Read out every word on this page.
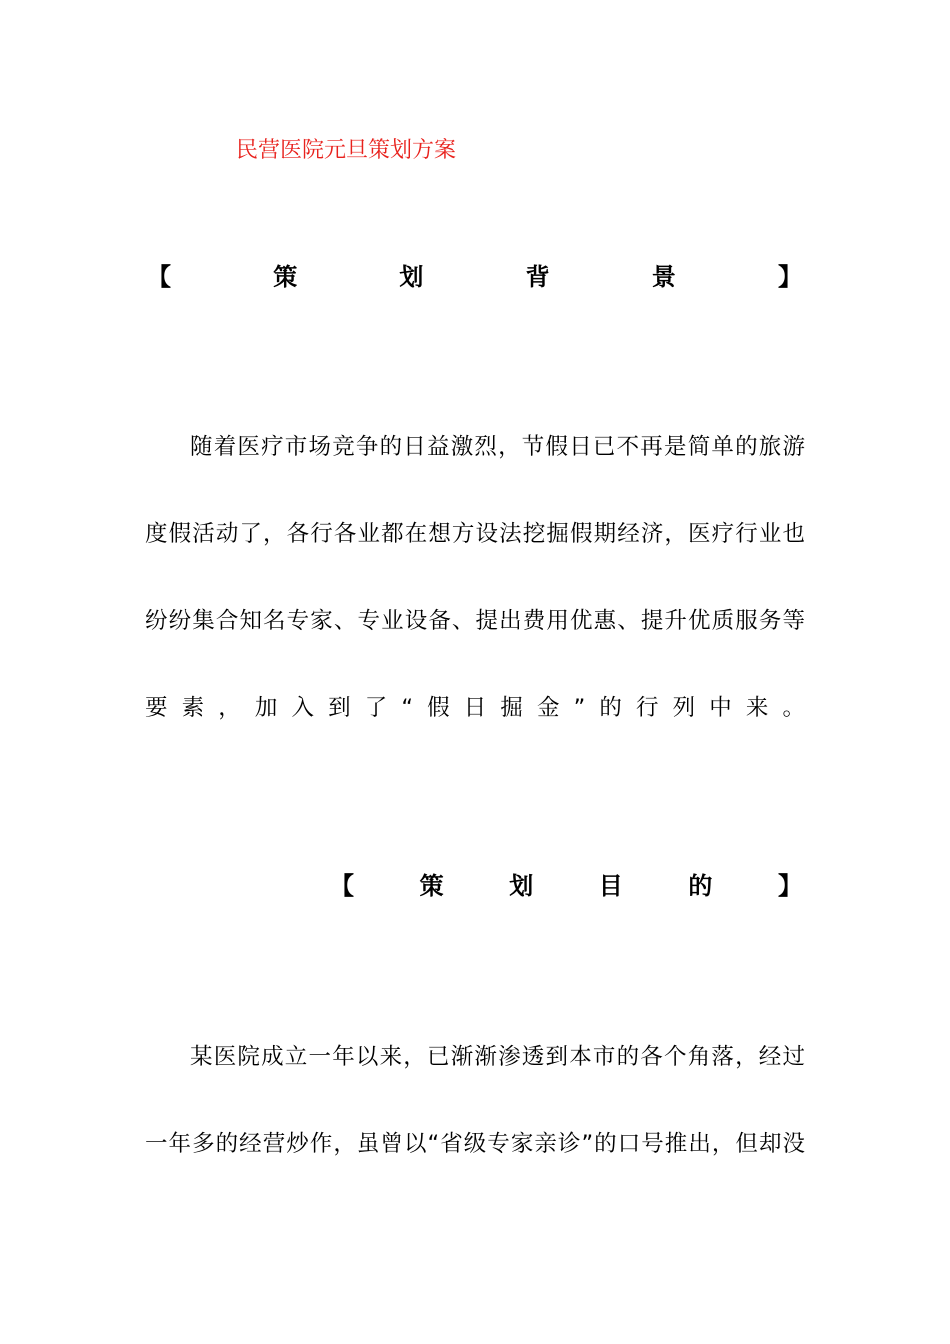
民营医院元旦策划方案
【	策	划	背	景	】
随着医疗市场竞争的日益激烈，节假日已不再是简单的旅游
度假活动了，各行各业都在想方设法挖掘假期经济，医疗行业也
纷纷集合知名专家、专业设备、提出费用优惠、提升优质服务等
要素，加入到了“假日掘金”的行列中来。
【	策	划	目	的	】
某医院成立一年以来，已渐渐渗透到本市的各个角落，经过
一年多的经营炒作，虽曾以“省级专家亲诊”的口号推出，但却没
